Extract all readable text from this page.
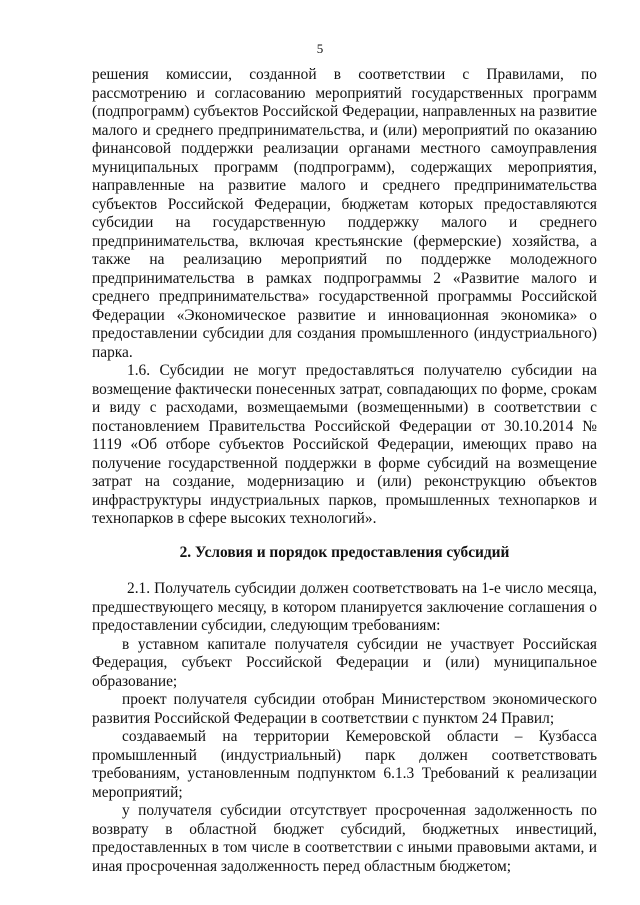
5

решения комиссии, созданной в соответствии с Правилами, по рассмотрению и согласованию мероприятий государственных программ (подпрограмм) субъектов Российской Федерации, направленных на развитие малого и среднего предпринимательства, и (или) мероприятий по оказанию финансовой поддержки реализации органами местного самоуправления муниципальных программ (подпрограмм), содержащих мероприятия, направленные на развитие малого и среднего предпринимательства субъектов Российской Федерации, бюджетам которых предоставляются субсидии на государственную поддержку малого и среднего предпринимательства, включая крестьянские (фермерские) хозяйства, а также на реализацию мероприятий по поддержке молодежного предпринимательства в рамках подпрограммы 2 «Развитие малого и среднего предпринимательства» государственной программы Российской Федерации «Экономическое развитие и инновационная экономика» о предоставлении субсидии для создания промышленного (индустриального) парка.

1.6. Субсидии не могут предоставляться получателю субсидии на возмещение фактически понесенных затрат, совпадающих по форме, срокам и виду с расходами, возмещаемыми (возмещенными) в соответствии с постановлением Правительства Российской Федерации от 30.10.2014 № 1119 «Об отборе субъектов Российской Федерации, имеющих право на получение государственной поддержки в форме субсидий на возмещение затрат на создание, модернизацию и (или) реконструкцию объектов инфраструктуры индустриальных парков, промышленных технопарков и технопарков в сфере высоких технологий».

2. Условия и порядок предоставления субсидий

2.1. Получатель субсидии должен соответствовать на 1-е число месяца, предшествующего месяцу, в котором планируется заключение соглашения о предоставлении субсидии, следующим требованиям:

в уставном капитале получателя субсидии не участвует Российская Федерация, субъект Российской Федерации и (или) муниципальное образование;

проект получателя субсидии отобран Министерством экономического развития Российской Федерации в соответствии с пунктом 24 Правил;

создаваемый на территории Кемеровской области – Кузбасса промышленный (индустриальный) парк должен соответствовать требованиям, установленным подпунктом 6.1.3 Требований к реализации мероприятий;

у получателя субсидии отсутствует просроченная задолженность по возврату в областной бюджет субсидий, бюджетных инвестиций, предоставленных в том числе в соответствии с иными правовыми актами, и иная просроченная задолженность перед областным бюджетом;
